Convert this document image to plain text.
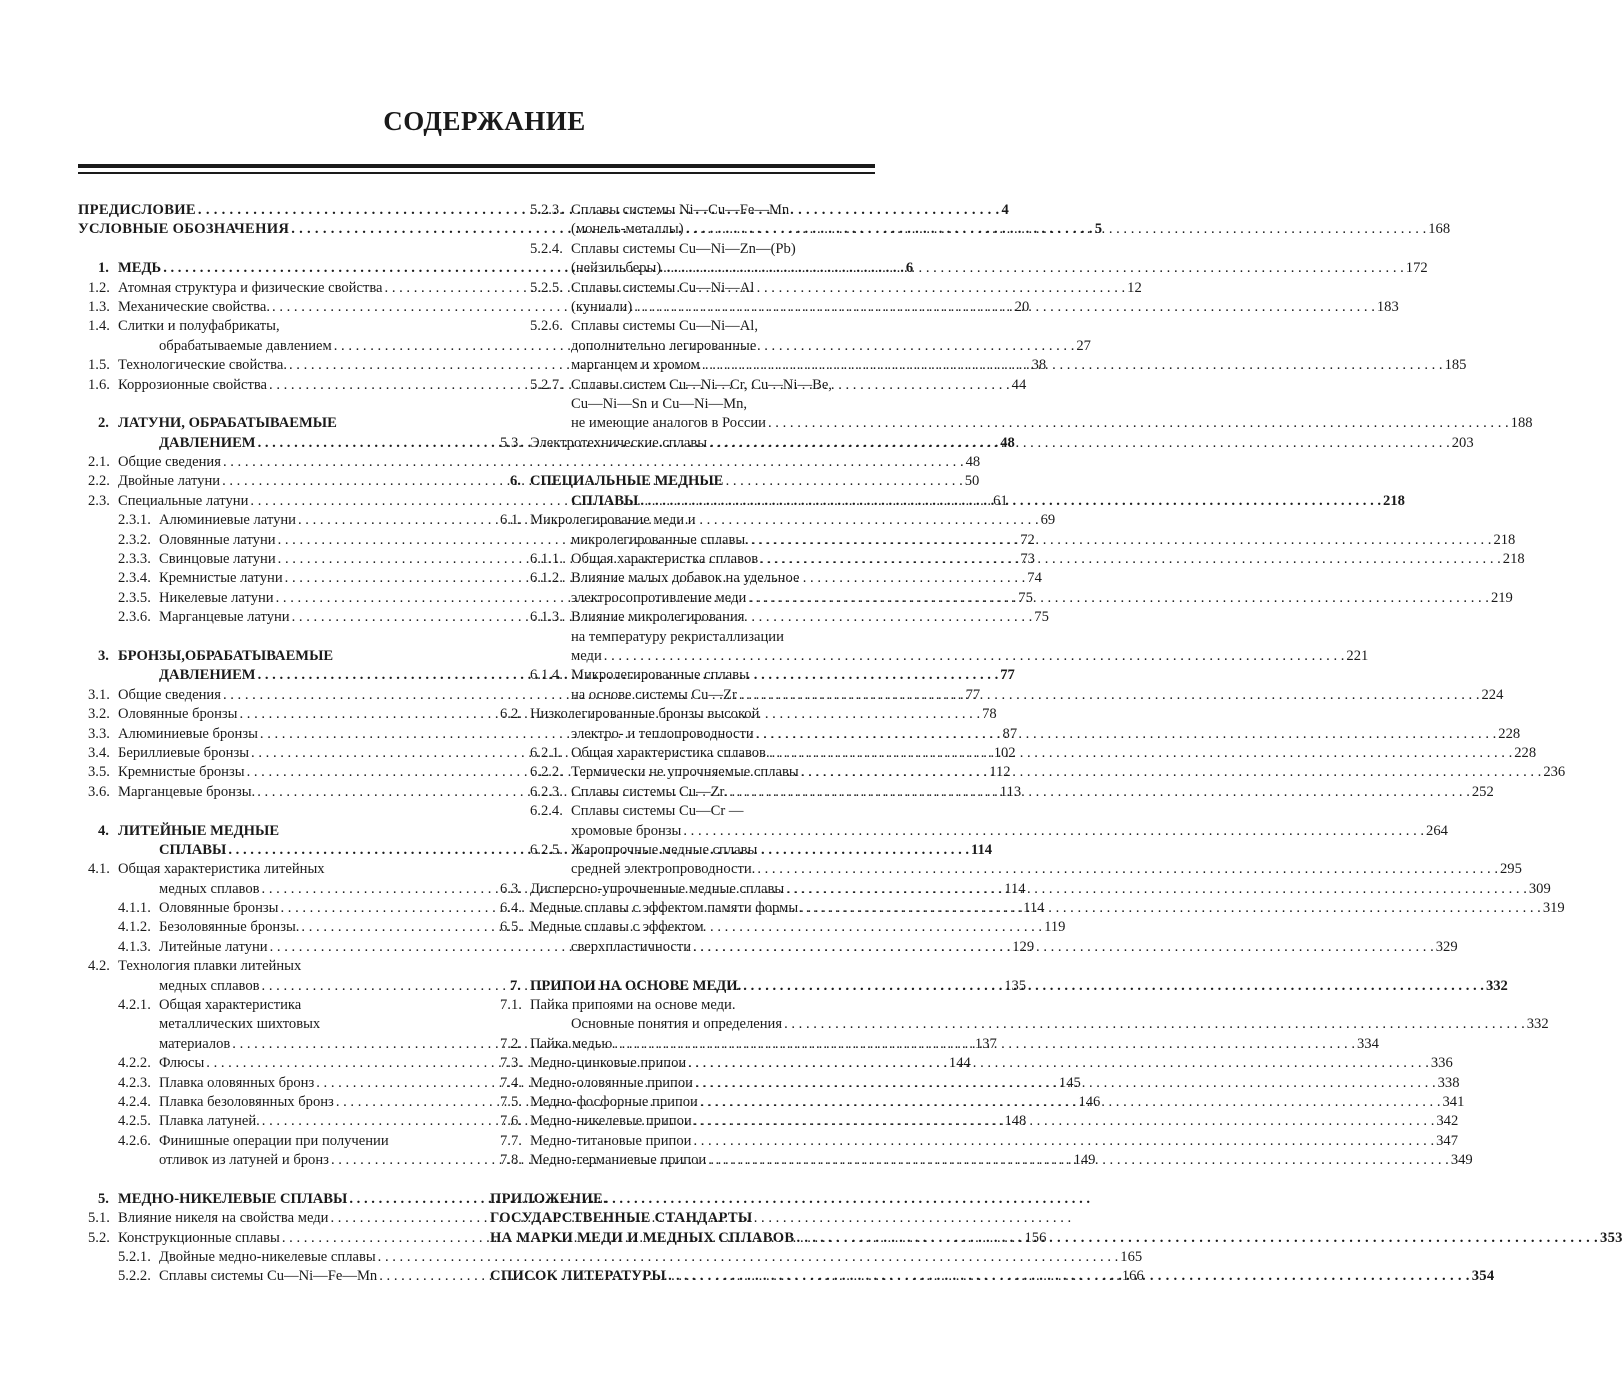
СОДЕРЖАНИЕ
ПРЕДИСЛОВИЕ . . .	4
УСЛОВНЫЕ ОБОЗНАЧЕНИЯ . . .	5
1. МЕДЬ . . .	6
1.2. Атомная структура и физические свойства . . .	12
1.3. Механические свойства. . . .	20
1.4. Слитки и полуфабрикаты,
обрабатываемые давлением . . .	27
1.5. Технологические свойства. . . .	38
1.6. Коррозионные свойства . . .	44
2. ЛАТУНИ, ОБРАБАТЫВАЕМЫЕ
ДАВЛЕНИЕМ . . .	48
2.1. Общие сведения . . .	48
2.2. Двойные латуни . . .	50
2.3. Специальные латуни . . .	61
2.3.1. Алюминиевые латуни . . .	69
2.3.2. Оловянные латуни . . .	72
2.3.3. Свинцовые латуни . . .	73
2.3.4. Кремнистые латуни . . .	74
2.3.5. Никелевые латуни . . .	75
2.3.6. Марганцевые латуни . . .	75
3. БРОНЗЫ,ОБРАБАТЫВАЕМЫЕ
ДАВЛЕНИЕМ . . .	77
3.1. Общие сведения . . .	77
3.2. Оловянные бронзы . . .	78
3.3. Алюминиевые бронзы . . .	87
3.4. Бериллиевые бронзы . . .	102
3.5. Кремнистые бронзы . . .	112
3.6. Марганцевые бронзы. . . .	113
4. ЛИТЕЙНЫЕ МЕДНЫЕ
СПЛАВЫ . . .	114
4.1. Общая характеристика литейных
медных сплавов . . .	114
4.1.1. Оловянные бронзы . . .	114
4.1.2. Безоловянные бронзы. . . .	119
4.1.3. Литейные латуни . . .	129
4.2. Технология плавки литейных
медных сплавов . . .	135
4.2.1. Общая характеристика
металлических шихтовых
материалов . . .	137
4.2.2. Флюсы . . .	144
4.2.3. Плавка оловянных бронз . . .	145
4.2.4. Плавка безоловянных бронз . . .	146
4.2.5. Плавка латуней. . . .	148
4.2.6. Финишные операции при получении
отливок из латуней и бронз . . .	149
5. МЕДНО-НИКЕЛЕВЫЕ СПЛАВЫ
. . .
5.1. Влияние никеля на свойства меди
. . .
5.2. Конструкционные сплавы . . .	156
5.2.1. Двойные медно-никелевые сплавы . . .	165
5.2.2. Сплавы системы Cu—Ni—Fe—Mn . . .	166
5.2.3. Сплавы системы Ni—Cu—Fe—Mn
(монель-металлы) . . .	168
5.2.4. Сплавы системы Cu—Ni—Zn—(Pb)
(нейзильберы) . . .	172
5.2.5. Сплавы системы Cu—Ni—Al
(куниали) . . .	183
5.2.6. Сплавы системы Cu—Ni—Al,
дополнительно легированные
марганцем и хромом . . .	185
5.2.7. Сплавы систем Cu—Ni—Cr, Cu—Ni—Be,
Cu—Ni—Sn и Cu—Ni—Mn,
не имеющие аналогов в России . . .	188
5.3. Электротехнические сплавы . . .	203
6. СПЕЦИАЛЬНЫЕ МЕДНЫЕ
СПЛАВЫ . . .	218
6.1. Микролегирование меди и
микролегированные сплавы. . . .	218
6.1.1. Общая характеристка сплавов . . .	218
6.1.2. Влияние малых добавок на удельное
электросопротивление меди . . .	219
6.1.3. Влияние микролегирования
на температуру рекристаллизации
меди . . .	221
6.1.4. Микролегированные сплавы
на основе системы Cu—Zr . . .	224
6.2. Низколегированные бронзы высокой
электро- и теплопроводности . . .	228
6.2.1. Общая характеристика сплавов. . . .	228
6.2.2. Термически не упрочняемые сплавы . . .	236
6.2.3. Сплавы системы Cu—Zr. . . .	252
6.2.4. Сплавы системы Cu—Cr —
хромовые бронзы . . .	264
6.2.5. Жаропрочные медные сплавы
средней электропроводности. . . .	295
6.3. Дисперсно-упрочненные медные сплавы . . .	309
6.4. Медные сплавы с эффектом памяти формы . . .	319
6.5. Медные сплавы с эффектом
сверхпластичности . . .	329
7. ПРИПОИ НА ОСНОВЕ МЕДИ. . . .	332
7.1. Пайка припоями на основе меди.
Основные понятия и определения . . .	332
7.2. Пайка медью . . .	334
7.3. Медно-цинковые припои . . .	336
7.4. Медно-оловянные припои . . .	338
7.5. Медно-фосфорные припои . . .	341
7.6. Медно-никелевые припои . . .	342
7.7. Медно-титановые припои . . .	347
7.8. Медно-германиевые припои . . .	349
ПРИЛОЖЕНИЕ.
ГОСУДАРСТВЕННЫЕ СТАНДАРТЫ
НА МАРКИ МЕДИ И МЕДНЫХ СПЛАВОВ . . .	353
СПИСОК ЛИТЕРАТУРЫ . . .	354
